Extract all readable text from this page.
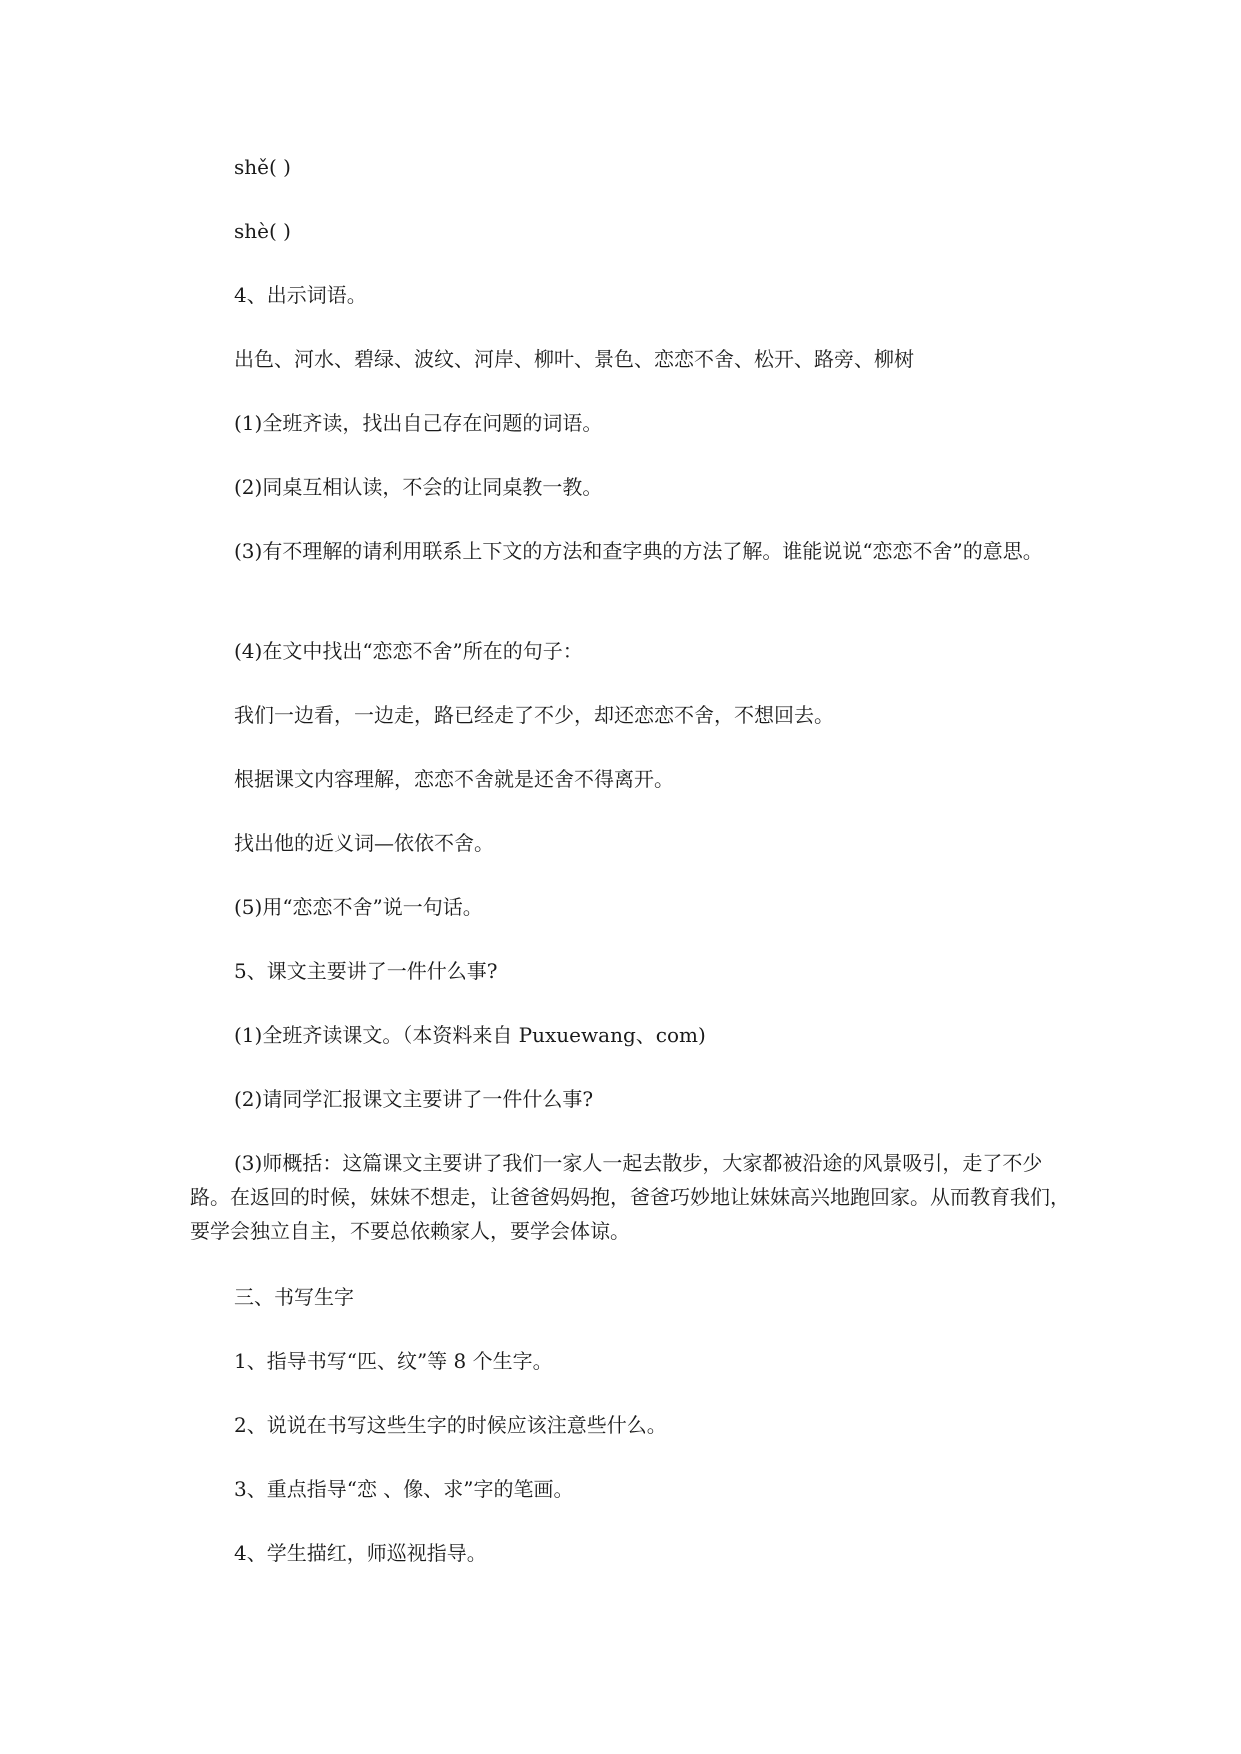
shě( )
shè( )
4、出示词语。
出色、河水、碧绿、波纹、河岸、柳叶、景色、恋恋不舍、松开、路旁、柳树
(1)全班齐读，找出自己存在问题的词语。
(2)同桌互相认读，不会的让同桌教一教。
(3)有不理解的请利用联系上下文的方法和查字典的方法了解。谁能说说“恋恋不舍”的意思。
(4)在文中找出“恋恋不舍”所在的句子：
我们一边看，一边走，路已经走了不少，却还恋恋不舍，不想回去。
根据课文内容理解，恋恋不舍就是还舍不得离开。
找出他的近义词—依依不舍。
(5)用“恋恋不舍”说一句话。
5、课文主要讲了一件什么事?
(1)全班齐读课文。（本资料来自 Puxuewang、com)
(2)请同学汇报课文主要讲了一件什么事?
(3)师概括：这篇课文主要讲了我们一家人一起去散步，大家都被沿途的风景吸引，走了不少路。在返回的时候，妹妹不想走，让爸爸妈妈抱，爸爸巧妙地让妹妹高兴地跑回家。从而教育我们，要学会独立自主，不要总依赖家人，要学会体谅。
三、书写生字
1、指导书写“匹、纹”等 8 个生字。
2、说说在书写这些生字的时候应该注意些什么。
3、重点指导“恋 、像、求”字的笔画。
4、学生描红，师巡视指导。
